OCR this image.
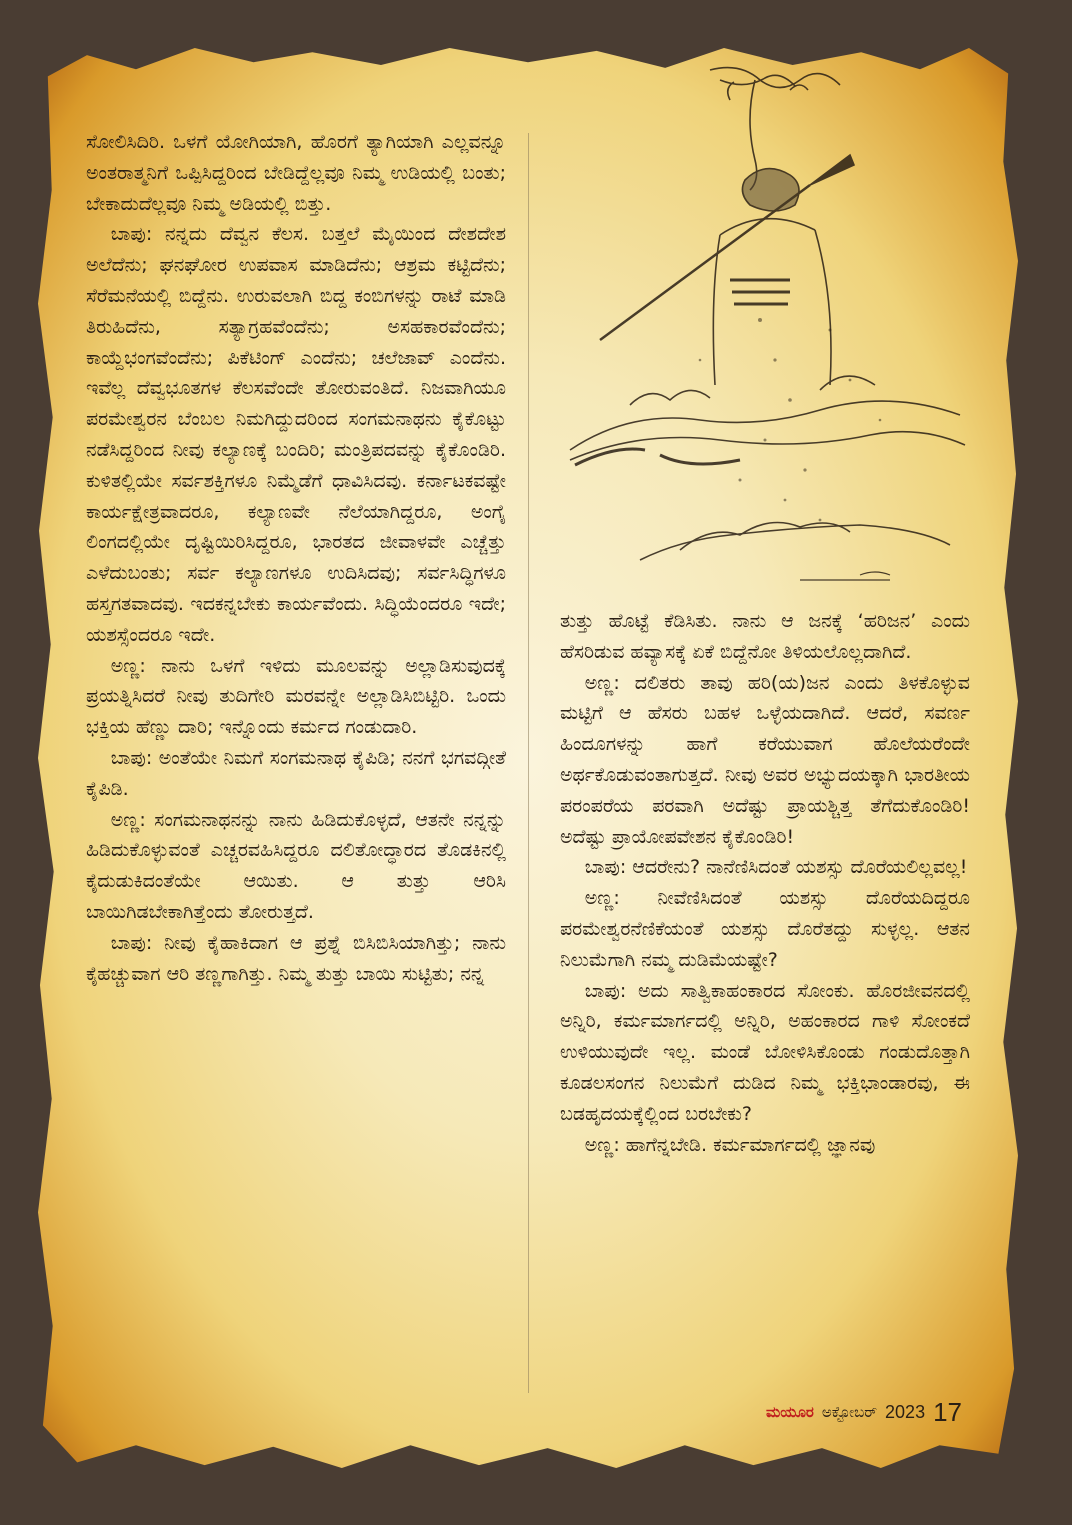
ಸೋಲಿಸಿದಿರಿ. ಒಳಗೆ ಯೋಗಿಯಾಗಿ, ಹೊರಗೆ ತ್ಯಾಗಿಯಾಗಿ ಎಲ್ಲವನ್ನೂ ಅಂತರಾತ್ಮನಿಗೆ ಒಪ್ಪಿಸಿದ್ದರಿಂದ ಬೇಡಿದ್ದೆಲ್ಲವೂ ನಿಮ್ಮ ಉಡಿಯಲ್ಲಿ ಬಂತು; ಬೇಕಾದುದೆಲ್ಲವೂ ನಿಮ್ಮ ಅಡಿಯಲ್ಲಿ ಬಿತ್ತು.

ಬಾಪು: ನನ್ನದು ದೆವ್ವನ ಕೆಲಸ. ಬತ್ತಲೆ ಮೈಯಿಂದ ದೇಶದೇಶ ಅಲೆದೆನು; ಘನಘೋರ ಉಪವಾಸ ಮಾಡಿದೆನು; ಆಶ್ರಮ ಕಟ್ಟಿದೆನು; ಸೆರೆಮನೆಯಲ್ಲಿ ಬಿದ್ದೆನು. ಉರುವಲಾಗಿ ಬಿದ್ದ ಕಂಬಿಗಳನ್ನು ರಾಟೆ ಮಾಡಿ ತಿರುಹಿದೆನು, ಸತ್ಯಾಗ್ರಹವೆಂದೆನು; ಅಸಹಕಾರವೆಂದೆನು; ಕಾಯ್ದೆಭಂಗವೆಂದೆನು; ಪಿಕೆಟಿಂಗ್ ಎಂದೆನು; ಚಲೆಜಾವ್ ಎಂದೆನು. ಇವೆಲ್ಲ ದೆವ್ವಭೂತಗಳ ಕೆಲಸವೆಂದೇ ತೋರುವಂತಿದೆ. ನಿಜವಾಗಿಯೂ ಪರಮೇಶ್ವರನ ಬೆಂಬಲ ನಿಮಗಿದ್ದುದರಿಂದ ಸಂಗಮನಾಥನು ಕೈಕೊಟ್ಟು ನಡೆಸಿದ್ದರಿಂದ ನೀವು ಕಲ್ಯಾಣಕ್ಕೆ ಬಂದಿರಿ; ಮಂತ್ರಿಪದವನ್ನು ಕೈಕೊಂಡಿರಿ. ಕುಳಿತಲ್ಲಿಯೇ ಸರ್ವಶಕ್ತಿಗಳೂ ನಿಮ್ಮೆಡೆಗೆ ಧಾವಿಸಿದವು. ಕರ್ನಾಟಕವಷ್ಟೇ ಕಾರ್ಯಕ್ಷೇತ್ರವಾದರೂ, ಕಲ್ಯಾಣವೇ ನೆಲೆಯಾಗಿದ್ದರೂ, ಅಂಗೈ ಲಿಂಗದಲ್ಲಿಯೇ ದೃಷ್ಟಿಯಿರಿಸಿದ್ದರೂ, ಭಾರತದ ಜೀವಾಳವೇ ಎಚ್ಚೆತ್ತು ಎಳೆದುಬಂತು; ಸರ್ವ ಕಲ್ಯಾಣಗಳೂ ಉದಿಸಿದವು; ಸರ್ವಸಿದ್ಧಿಗಳೂ ಹಸ್ತಗತವಾದವು. ಇದಕನ್ನಬೇಕು ಕಾರ್ಯವೆಂದು. ಸಿದ್ಧಿಯೆಂದರೂ ಇದೇ; ಯಶಸ್ಸೆಂದರೂ ಇದೇ.

ಅಣ್ಣ: ನಾನು ಒಳಗೆ ಇಳಿದು ಮೂಲವನ್ನು ಅಲ್ಲಾಡಿಸುವುದಕ್ಕೆ ಪ್ರಯತ್ನಿಸಿದರೆ ನೀವು ತುದಿಗೇರಿ ಮರವನ್ನೇ ಅಲ್ಲಾಡಿಸಿಬಿಟ್ಟಿರಿ. ಒಂದು ಭಕ್ತಿಯ ಹೆಣ್ಣು ದಾರಿ; ಇನ್ನೊಂದು ಕರ್ಮದ ಗಂಡುದಾರಿ.

ಬಾಪು: ಅಂತೆಯೇ ನಿಮಗೆ ಸಂಗಮನಾಥ ಕೈಪಿಡಿ; ನನಗೆ ಭಗವದ್ಗೀತೆ ಕೈಪಿಡಿ.

ಅಣ್ಣ: ಸಂಗಮನಾಥನನ್ನು ನಾನು ಹಿಡಿದುಕೊಳ್ಳದೆ, ಆತನೇ ನನ್ನನ್ನು ಹಿಡಿದುಕೊಳ್ಳುವಂತೆ ಎಚ್ಚರವಹಿಸಿದ್ದರೂ ದಲಿತೋದ್ಧಾರದ ತೊಡಕಿನಲ್ಲಿ ಕೈದುಡುಕಿದಂತೆಯೇ ಆಯಿತು. ಆ ತುತ್ತು ಆರಿಸಿ ಬಾಯಿಗಿಡಬೇಕಾಗಿತ್ತೆಂದು ತೋರುತ್ತದೆ.

ಬಾಪು: ನೀವು ಕೈಹಾಕಿದಾಗ ಆ ಪ್ರಶ್ನೆ ಬಿಸಿಬಿಸಿಯಾಗಿತ್ತು; ನಾನು ಕೈಹಚ್ಚುವಾಗ ಆರಿ ತಣ್ಣಗಾಗಿತ್ತು. ನಿಮ್ಮ ತುತ್ತು ಬಾಯಿ ಸುಟ್ಟಿತು; ನನ್ನ

ತುತ್ತು ಹೊಟ್ಟೆ ಕೆಡಿಸಿತು. ನಾನು ಆ ಜನಕ್ಕೆ ‘ಹರಿಜನ’ ಎಂದು ಹೆಸರಿಡುವ ಹವ್ಯಾಸಕ್ಕೆ ಏಕೆ ಬಿದ್ದೆನೋ ತಿಳಿಯಲೊಲ್ಲದಾಗಿದೆ.

ಅಣ್ಣ: ದಲಿತರು ತಾವು ಹರಿ(ಯ)ಜನ ಎಂದು ತಿಳಕೊಳ್ಳುವ ಮಟ್ಟಿಗೆ ಆ ಹೆಸರು ಬಹಳ ಒಳ್ಳೆಯದಾಗಿದೆ. ಆದರೆ, ಸವರ್ಣ ಹಿಂದೂಗಳನ್ನು ಹಾಗೆ ಕರೆಯುವಾಗ ಹೊಲೆಯರೆಂದೇ ಅರ್ಥಕೊಡುವಂತಾಗುತ್ತದೆ. ನೀವು ಅವರ ಅಭ್ಯುದಯಕ್ಕಾಗಿ ಭಾರತೀಯ ಪರಂಪರೆಯ ಪರವಾಗಿ ಅದೆಷ್ಟು ಪ್ರಾಯಶ್ಚಿತ್ತ ತೆಗೆದುಕೊಂಡಿರಿ! ಅದೆಷ್ಟು ಪ್ರಾಯೋಪವೇಶನ ಕೈಕೊಂಡಿರಿ!

ಬಾಪು: ಆದರೇನು? ನಾನೆಣಿಸಿದಂತೆ ಯಶಸ್ಸು ದೊರೆಯಲಿಲ್ಲವಲ್ಲ!

ಅಣ್ಣ: ನೀವೆಣಿಸಿದಂತೆ ಯಶಸ್ಸು ದೊರೆಯದಿದ್ದರೂ ಪರಮೇಶ್ವರನೆಣಿಕೆಯಂತೆ ಯಶಸ್ಸು ದೊರೆತದ್ದು ಸುಳ್ಳಲ್ಲ. ಆತನ ನಿಲುಮೆಗಾಗಿ ನಮ್ಮ ದುಡಿಮೆಯಷ್ಟೇ?

ಬಾಪು: ಅದು ಸಾತ್ವಿಕಾಹಂಕಾರದ ಸೋಂಕು. ಹೊರಜೀವನದಲ್ಲಿ ಅನ್ನಿರಿ, ಕರ್ಮಮಾರ್ಗದಲ್ಲಿ ಅನ್ನಿರಿ, ಅಹಂಕಾರದ ಗಾಳಿ ಸೋಂಕದೆ ಉಳಿಯುವುದೇ ಇಲ್ಲ. ಮಂಡೆ ಬೋಳಿಸಿಕೊಂಡು ಗಂಡುದೊತ್ತಾಗಿ ಕೂಡಲಸಂಗನ ನಿಲುಮೆಗೆ ದುಡಿದ ನಿಮ್ಮ ಭಕ್ತಿಭಾಂಡಾರವು, ಈ ಬಡಹೃದಯಕ್ಕೆಲ್ಲಿಂದ ಬರಬೇಕು?

ಅಣ್ಣ: ಹಾಗೆನ್ನಬೇಡಿ. ಕರ್ಮಮಾರ್ಗದಲ್ಲಿ ಜ್ಞಾನವು

ಮಯೂರ ಅಕ್ಟೋಬರ್ 2023 17
